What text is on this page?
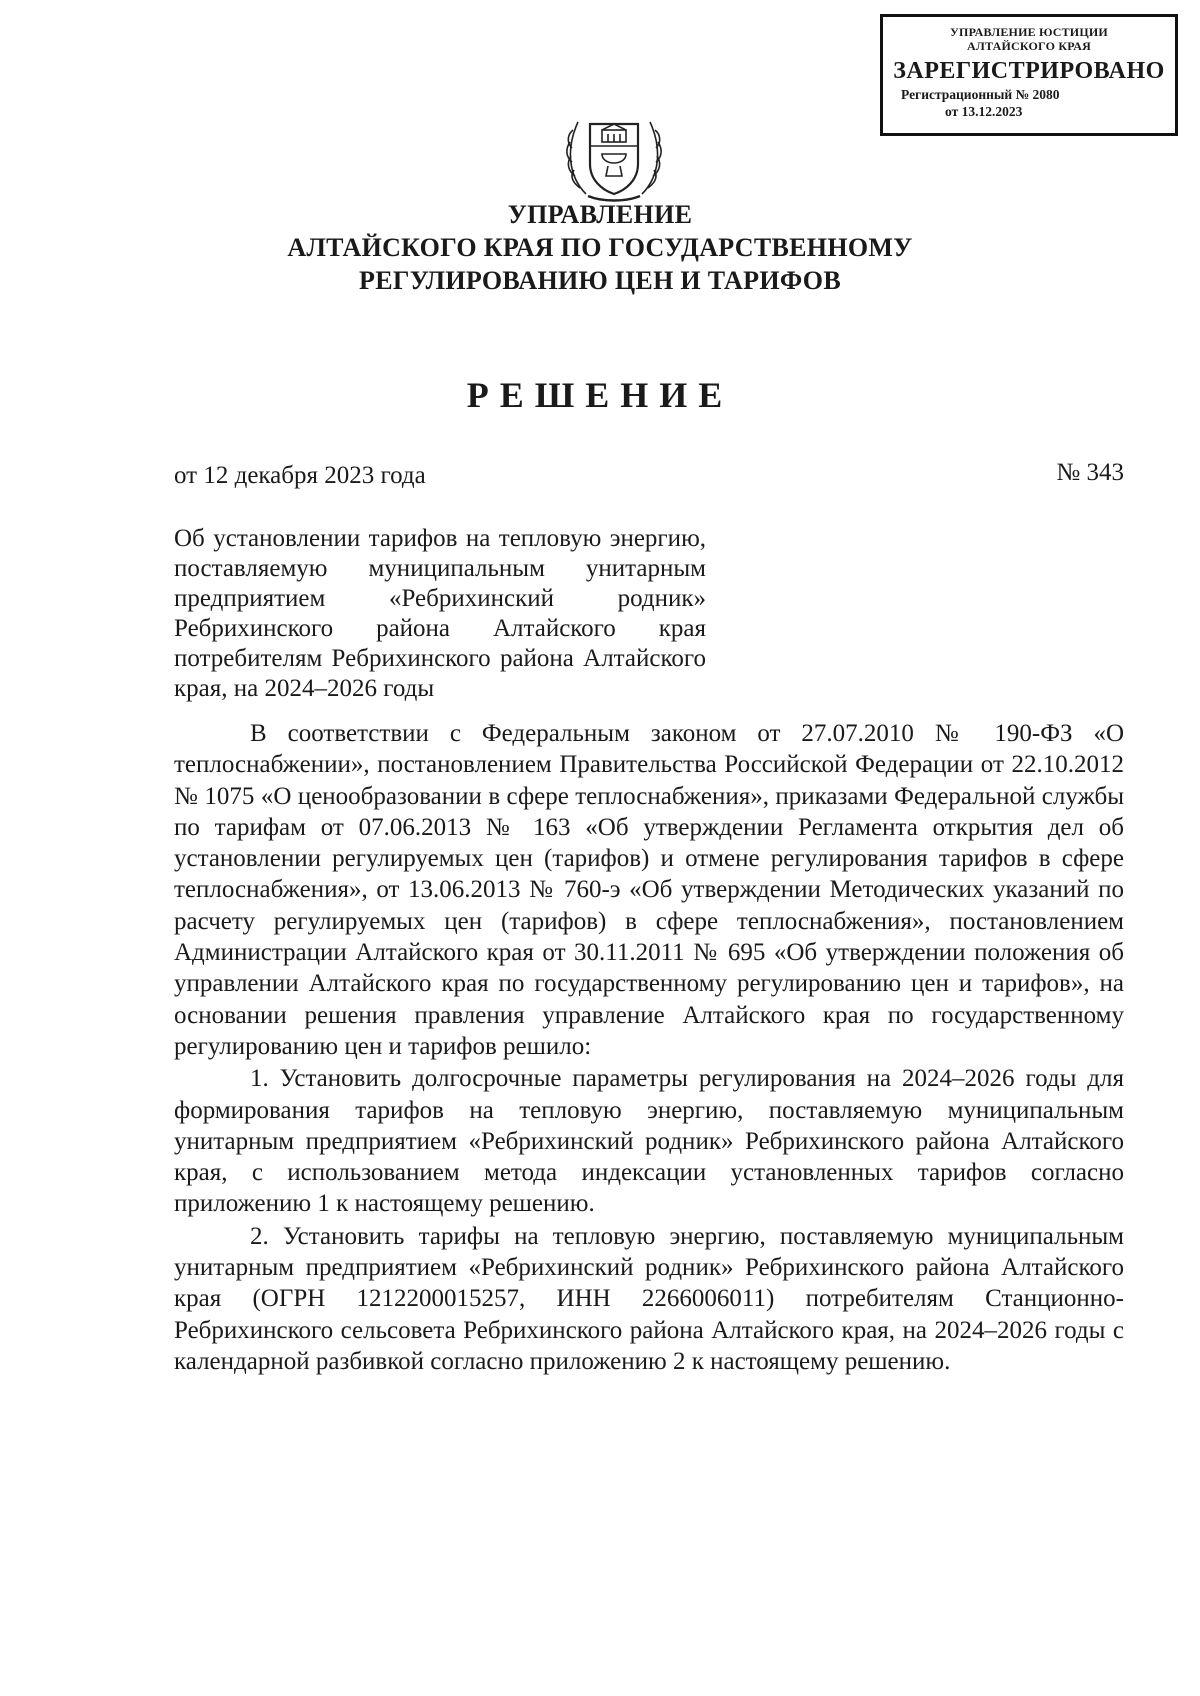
УПРАВЛЕНИЕ ЮСТИЦИИ
АЛТАЙСКОГО КРАЯ
ЗАРЕГИСТРИРОВАНО
Регистрационный № 2080
от 13.12.2023
УПРАВЛЕНИЕ
АЛТАЙСКОГО КРАЯ ПО ГОСУДАРСТВЕННОМУ
РЕГУЛИРОВАНИЮ ЦЕН И ТАРИФОВ
РЕШЕНИЕ
от 12 декабря 2023 года	№ 343
Об установлении тарифов на тепловую энергию, поставляемую муниципальным унитарным предприятием «Ребрихинский родник» Ребрихинского района Алтайского края потребителям Ребрихинского района Алтайского края, на 2024–2026 годы

В соответствии с Федеральным законом от 27.07.2010 № 190-ФЗ «О теплоснабжении», постановлением Правительства Российской Федерации от 22.10.2012 № 1075 «О ценообразовании в сфере теплоснабжения», приказами Федеральной службы по тарифам от 07.06.2013 № 163 «Об утверждении Регламента открытия дел об установлении регулируемых цен (тарифов) и отмене регулирования тарифов в сфере теплоснабжения», от 13.06.2013 № 760-э «Об утверждении Методических указаний по расчету регулируемых цен (тарифов) в сфере теплоснабжения», постановлением Администрации Алтайского края от 30.11.2011 № 695 «Об утверждении положения об управлении Алтайского края по государственному регулированию цен и тарифов», на основании решения правления управление Алтайского края по государственному регулированию цен и тарифов решило:

1. Установить долгосрочные параметры регулирования на 2024–2026 годы для формирования тарифов на тепловую энергию, поставляемую муниципальным унитарным предприятием «Ребрихинский родник» Ребрихинского района Алтайского края, с использованием метода индексации установленных тарифов согласно приложению 1 к настоящему решению.

2. Установить тарифы на тепловую энергию, поставляемую муниципальным унитарным предприятием «Ребрихинский родник» Ребрихинского района Алтайского края (ОГРН 1212200015257, ИНН 2266006011) потребителям Станционно-Ребрихинского сельсовета Ребрихинского района Алтайского края, на 2024–2026 годы с календарной разбивкой согласно приложению 2 к настоящему решению.
